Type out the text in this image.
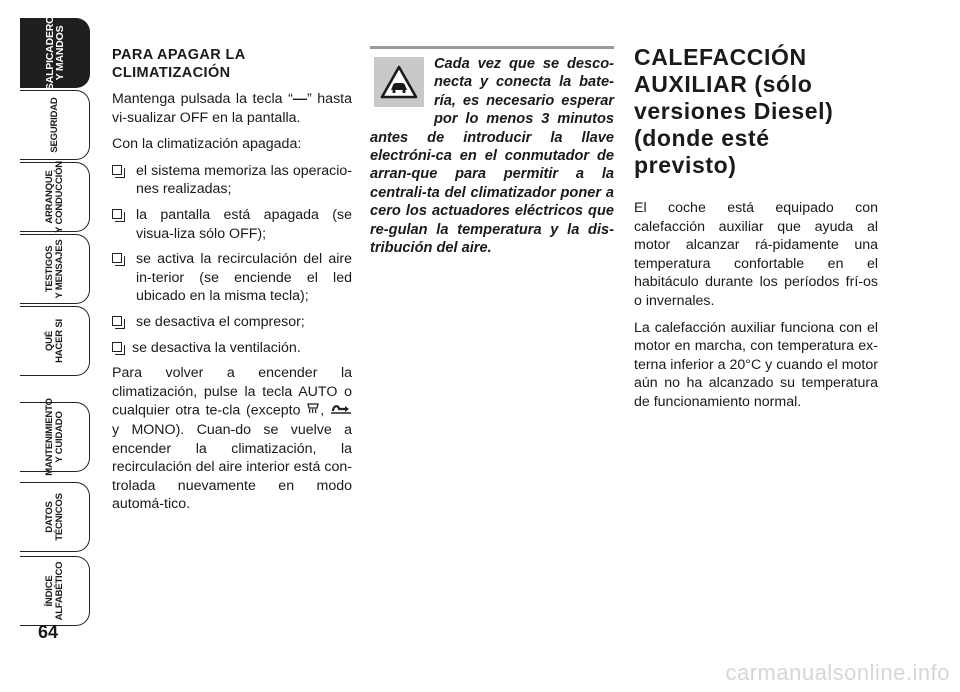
SALPICADERO
Y MANDOS
SEGURIDAD
ARRANQUE Y CONDUCCIÓN
TESTIGOS Y MENSAJES
QUÉ HACER SI
MANTENIMIENTO Y CUIDADO
DATOS TÉCNICOS
ÍNDICE ALFABÉTICO
64
PARA APAGAR LA CLIMATIZACIÓN

Mantenga pulsada la tecla “—” hasta vi-sualizar OFF en la pantalla.

Con la climatización apagada:

el sistema memoriza las operacio-nes realizadas;
la pantalla está apagada (se visua-liza sólo OFF);
se activa la recirculación del aire in-terior (se enciende el led ubicado en la misma tecla);
se desactiva el compresor;
se desactiva la ventilación.

Para volver a encender la climatización, pulse la tecla AUTO o cualquier otra te-cla (excepto ,  y MONO). Cuan-do se vuelve a encender la climatización, la recirculación del aire interior está con-trolada nuevamente en modo automá-tico.

Cada vez que se desco-necta y conecta la bate-ría, es necesario esperar por lo menos 3 minutos antes de introducir la llave electróni-ca en el conmutador de arran-que para permitir a la centrali-ta del climatizador poner a cero los actuadores eléctricos que re-gulan la temperatura y la dis-tribución del aire.

CALEFACCIÓN AUXILIAR (sólo versiones Diesel) (donde esté previsto)

El coche está equipado con calefacción auxiliar que ayuda al motor alcanzar rá-pidamente una temperatura confortable en el habitáculo durante los períodos frí-os o invernales.

La calefacción auxiliar funciona con el motor en marcha, con temperatura ex-terna inferior a 20°C y cuando el motor aún no ha alcanzado su temperatura de funcionamiento normal.

carmanualsonline.info
